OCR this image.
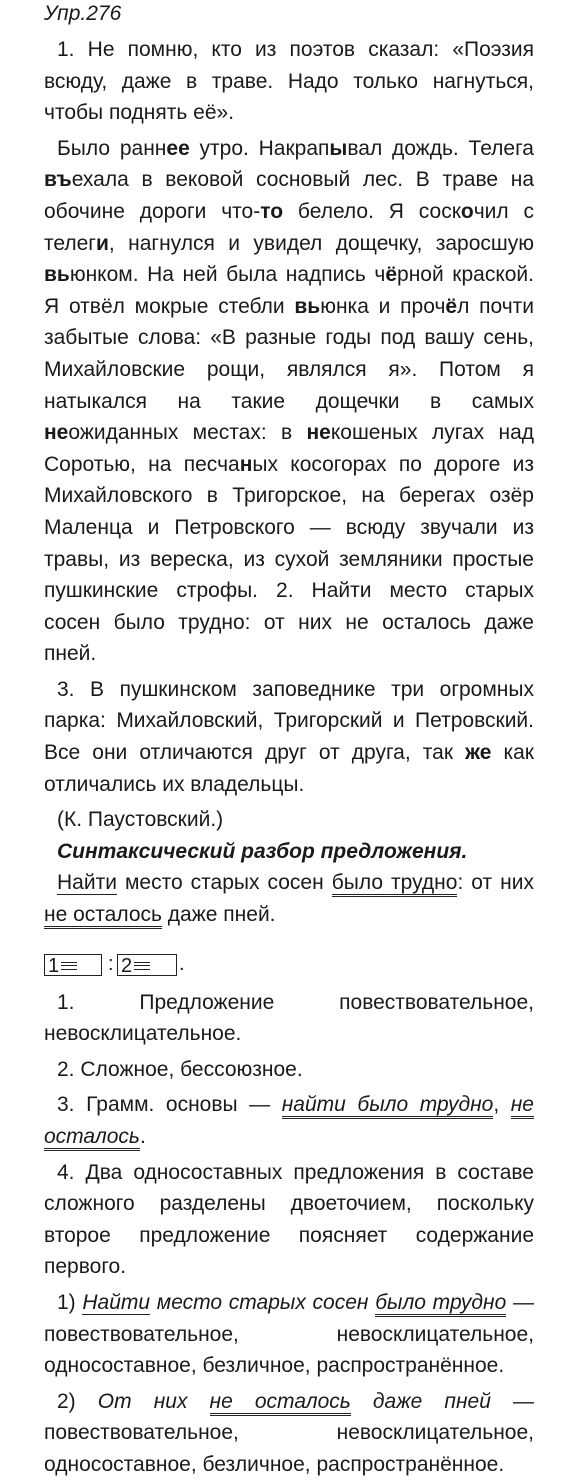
Упр.276

1. Не помню, кто из поэтов сказал: «Поэзия всюду, даже в траве. Надо только нагнуться, чтобы поднять её».

Было раннее утро. Накрапывал дождь. Телега въехала в вековой сосновый лес. В траве на обочине дороги что-то белело. Я соскочил с телеги, нагнулся и увидел дощечку, заросшую вьюнком. На ней была надпись чёрной краской. Я отвёл мокрые стебли вьюнка и прочёл почти забытые слова: «В разные годы под вашу сень, Михайловские рощи, являлся я». Потом я натыкался на такие дощечки в самых неожиданных местах: в некошеных лугах над Соротью, на песчаных косогорах по дороге из Михайловского в Тригорское, на берегах озёр Маленца и Петровского — всюду звучали из травы, из вереска, из сухой земляники простые пушкинские строфы. 2. Найти место старых сосен было трудно: от них не осталось даже пней.

3. В пушкинском заповеднике три огромных парка: Михайловский, Тригорский и Петровский. Все они отличаются друг от друга, так же как отличались их владельцы.

(К. Паустовский.)

Синтаксический разбор предложения.

Найти место старых сосен было трудно: от них не осталось даже пней.

1	: 2	.

1. Предложение повествовательное, невосклицательное.

2. Сложное, бессоюзное.

3. Грамм. основы — найти было трудно, не осталось.

4. Два односоставных предложения в составе сложного разделены двоеточием, поскольку второе предложение поясняет содержание первого.

1) Найти место старых сосен было трудно — повествовательное, невосклицательное, односоставное, безличное, распространённое.

2) От них не осталось даже пней — повествовательное, невосклицательное, односоставное, безличное, распространённое.
